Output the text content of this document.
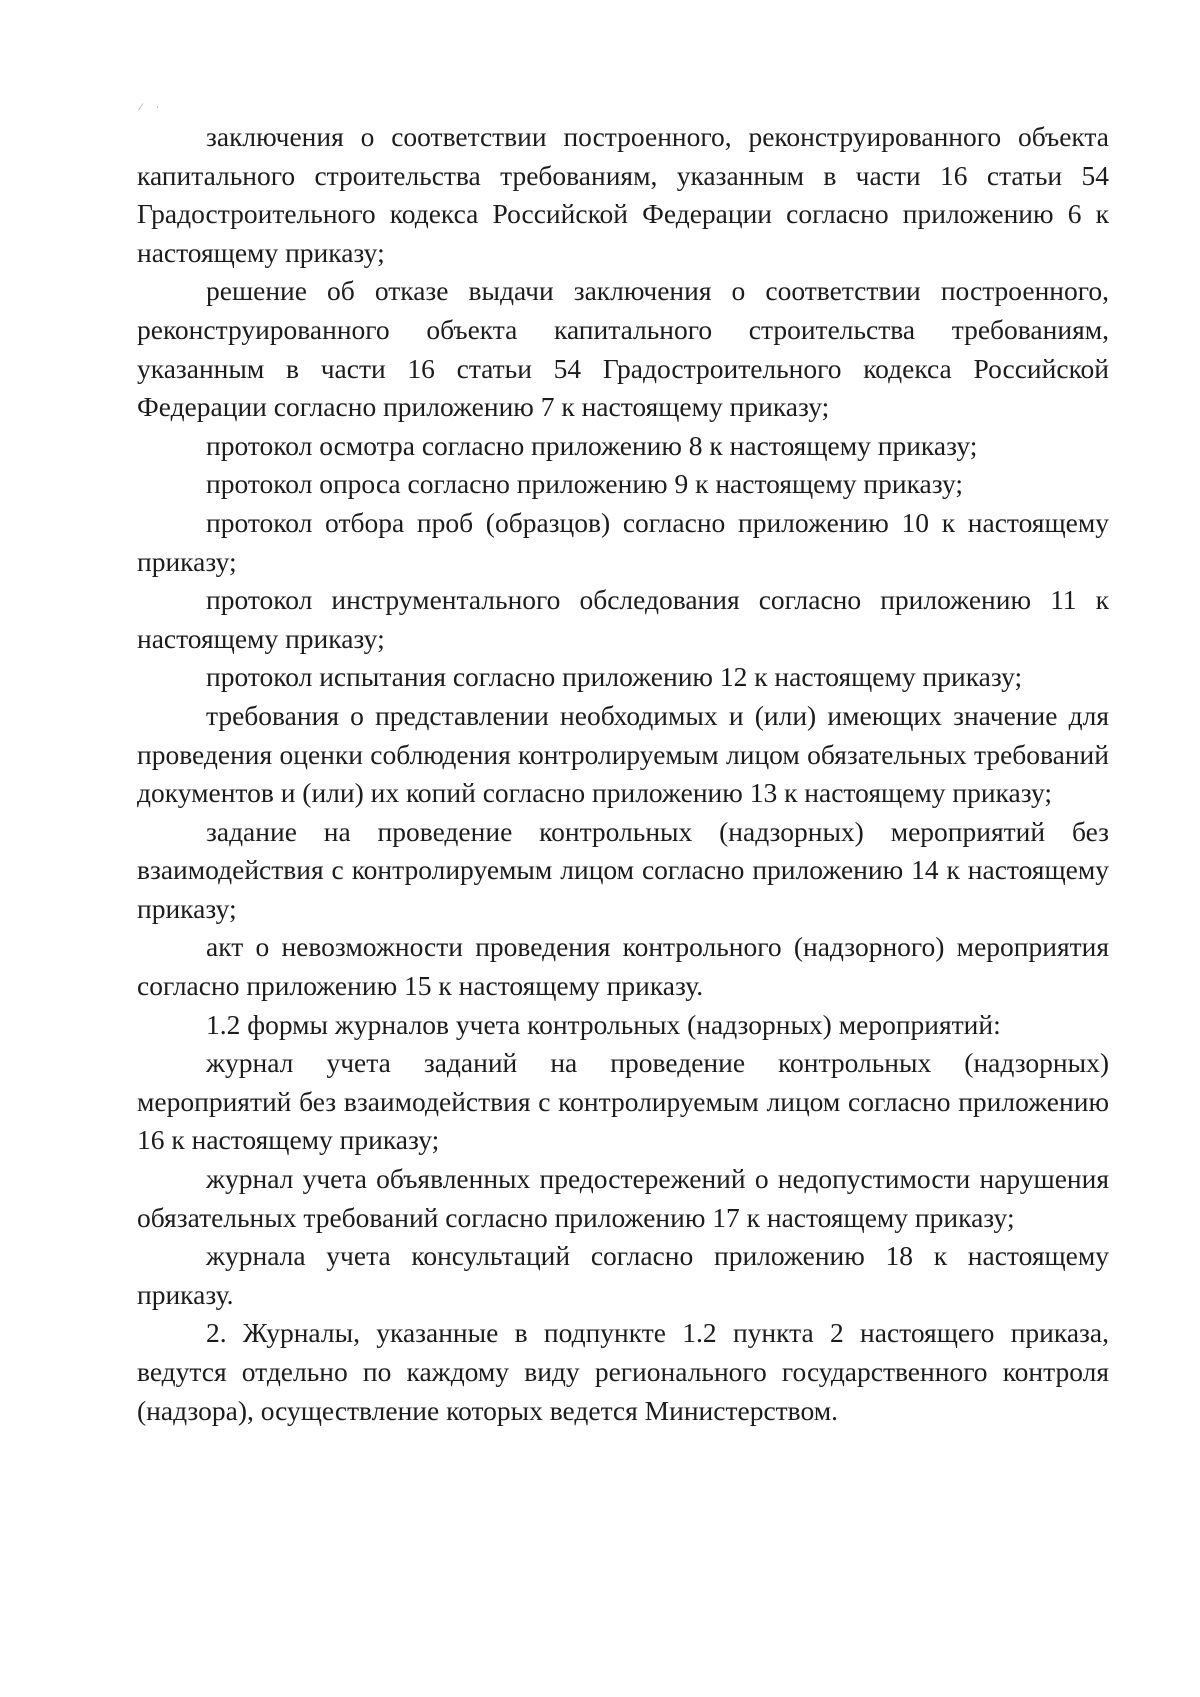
⁄ ⸱

заключения о соответствии построенного, реконструированного объекта капитального строительства требованиям, указанным в части 16 статьи 54 Градостроительного кодекса Российской Федерации согласно приложению 6 к настоящему приказу;

решение об отказе выдачи заключения о соответствии построенного, реконструированного объекта капитального строительства требованиям, указанным в части 16 статьи 54 Градостроительного кодекса Российской Федерации согласно приложению 7 к настоящему приказу;

протокол осмотра согласно приложению 8 к настоящему приказу;

протокол опроса согласно приложению 9 к настоящему приказу;

протокол отбора проб (образцов) согласно приложению 10 к настоящему приказу;

протокол инструментального обследования согласно приложению 11 к настоящему приказу;

протокол испытания согласно приложению 12 к настоящему приказу;

требования о представлении необходимых и (или) имеющих значение для проведения оценки соблюдения контролируемым лицом обязательных требований документов и (или) их копий согласно приложению 13 к настоящему приказу;

задание на проведение контрольных (надзорных) мероприятий без взаимодействия с контролируемым лицом согласно приложению 14 к настоящему приказу;

акт о невозможности проведения контрольного (надзорного) мероприятия согласно приложению 15 к настоящему приказу.

1.2 формы журналов учета контрольных (надзорных) мероприятий:

журнал учета заданий на проведение контрольных (надзорных) мероприятий без взаимодействия с контролируемым лицом согласно приложению 16 к настоящему приказу;

журнал учета объявленных предостережений о недопустимости нарушения обязательных требований согласно приложению 17 к настоящему приказу;

журнала учета консультаций согласно приложению 18 к настоящему приказу.

2. Журналы, указанные в подпункте 1.2 пункта 2 настоящего приказа, ведутся отдельно по каждому виду регионального государственного контроля (надзора), осуществление которых ведется Министерством.
